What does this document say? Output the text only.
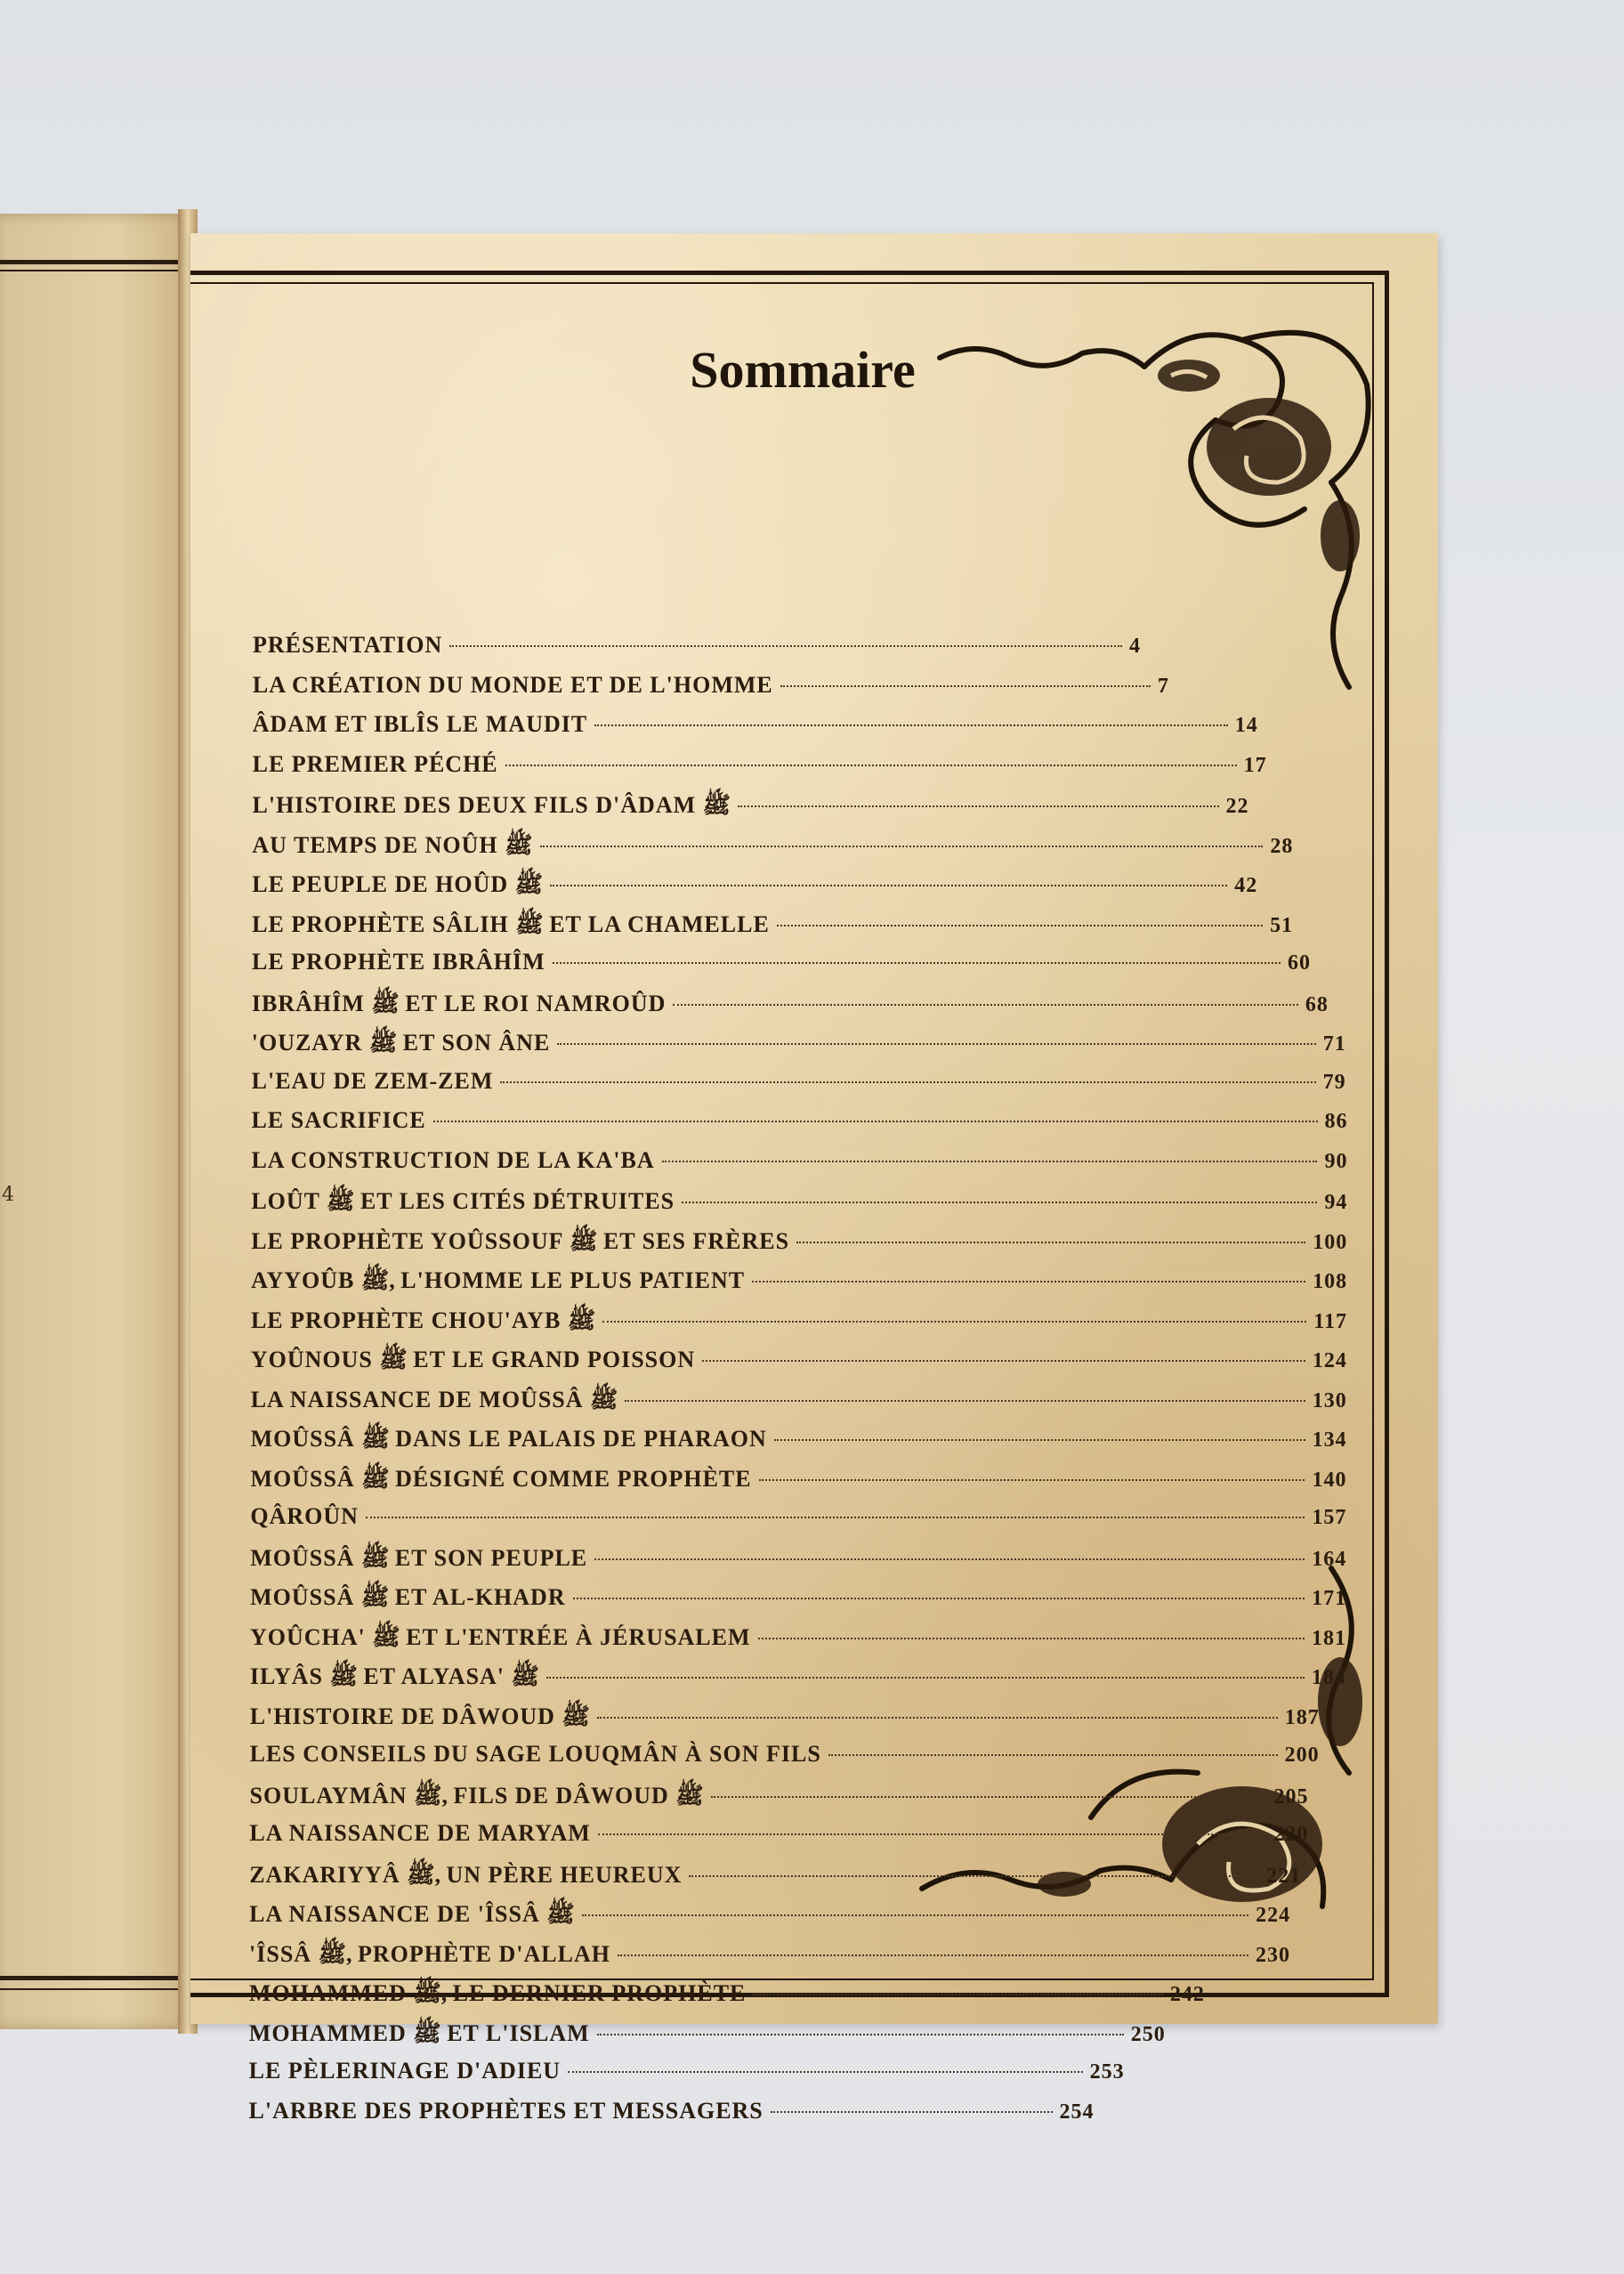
4
Sommaire
PRÉSENTATION	4
LA CRÉATION DU MONDE ET DE L'HOMME	7
ÂDAM ET IBLÎS LE MAUDIT	14
LE PREMIER PÉCHÉ	17
L'HISTOIRE DES DEUX FILS D'ÂDAM ﷺ	22
AU TEMPS DE NOÛH ﷺ	28
LE PEUPLE DE HOÛD ﷺ	42
LE PROPHÈTE SÂLIH ﷺ ET LA CHAMELLE	51
LE PROPHÈTE IBRÂHÎM	60
IBRÂHÎM ﷺ ET LE ROI NAMROÛD	68
'OUZAYR ﷺ ET SON ÂNE	71
L'EAU DE ZEM-ZEM	79
LE SACRIFICE	86
LA CONSTRUCTION DE LA KA'BA	90
LOÛT ﷺ ET LES CITÉS DÉTRUITES	94
LE PROPHÈTE YOÛSSOUF ﷺ ET SES FRÈRES	100
AYYOÛB ﷺ, L'HOMME LE PLUS PATIENT	108
LE PROPHÈTE CHOU'AYB ﷺ	117
YOÛNOUS ﷺ ET LE GRAND POISSON	124
LA NAISSANCE DE MOÛSSÂ ﷺ	130
MOÛSSÂ ﷺ DANS LE PALAIS DE PHARAON	134
MOÛSSÂ ﷺ DÉSIGNÉ COMME PROPHÈTE	140
QÂROÛN	157
MOÛSSÂ ﷺ ET SON PEUPLE	164
MOÛSSÂ ﷺ ET AL-KHADR	171
YOÛCHA' ﷺ ET L'ENTRÉE À JÉRUSALEM	181
ILYÂS ﷺ ET ALYASA' ﷺ	184
L'HISTOIRE DE DÂWOUD ﷺ	187
LES CONSEILS DU SAGE LOUQMÂN À SON FILS	200
SOULAYMÂN ﷺ, FILS DE DÂWOUD ﷺ	205
LA NAISSANCE DE MARYAM	220
ZAKARIYYÂ ﷺ, UN PÈRE HEUREUX	221
LA NAISSANCE DE 'ÎSSÂ ﷺ	224
'ÎSSÂ ﷺ, PROPHÈTE D'ALLAH	230
MOHAMMED ﷺ, LE DERNIER PROPHÈTE	242
MOHAMMED ﷺ ET L'ISLAM	250
LE PÈLERINAGE D'ADIEU	253
L'ARBRE DES PROPHÈTES ET MESSAGERS	254
